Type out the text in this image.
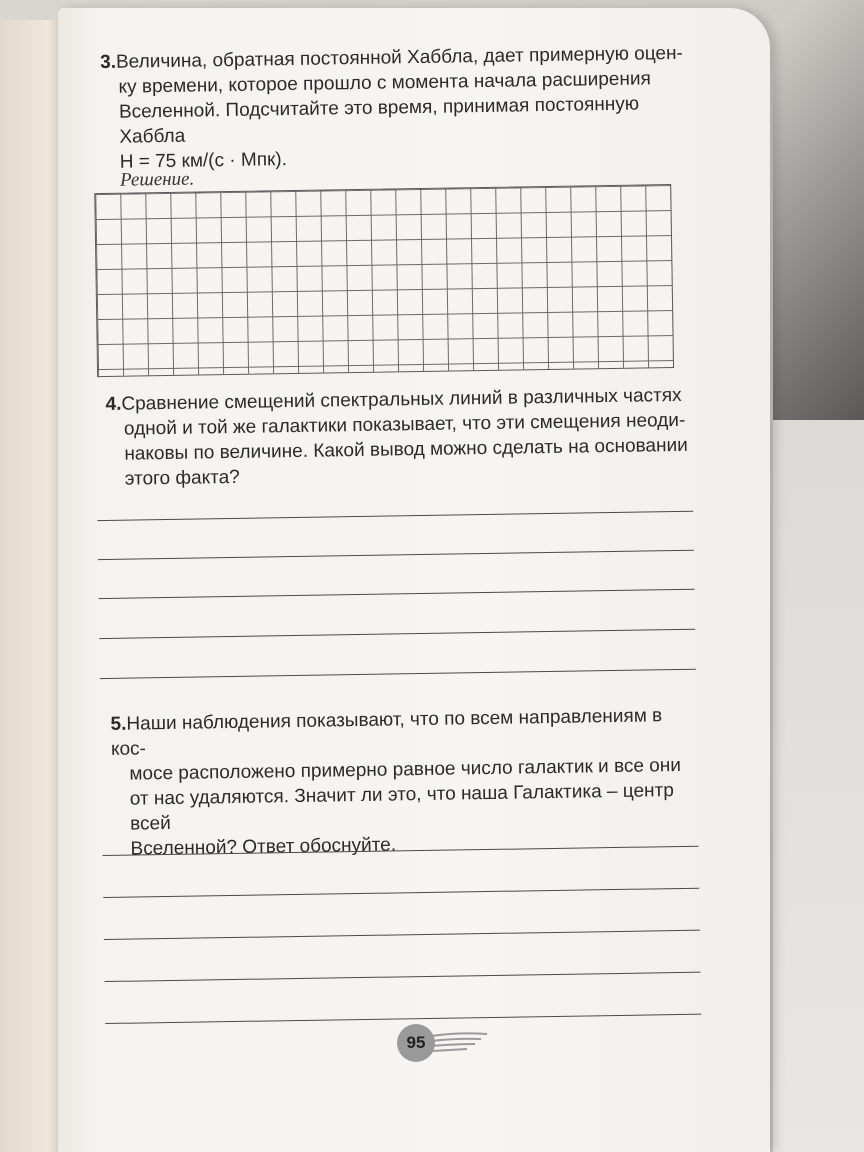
3.Величина, обратная постоянной Хаббла, дает примерную оцен-
ку времени, которое прошло с момента начала расширения
Вселенной. Подсчитайте это время, принимая постоянную Хаббла
H = 75 км/(с · Мпк).
Решение.
4.Сравнение смещений спектральных линий в различных частях
одной и той же галактики показывает, что эти смещения неоди-
наковы по величине. Какой вывод можно сделать на основании
этого факта?
5.Наши наблюдения показывают, что по всем направлениям в кос-
мосе расположено примерно равное число галактик и все они
от нас удаляются. Значит ли это, что наша Галактика – центр всей
Вселенной? Ответ обоснуйте.
95
